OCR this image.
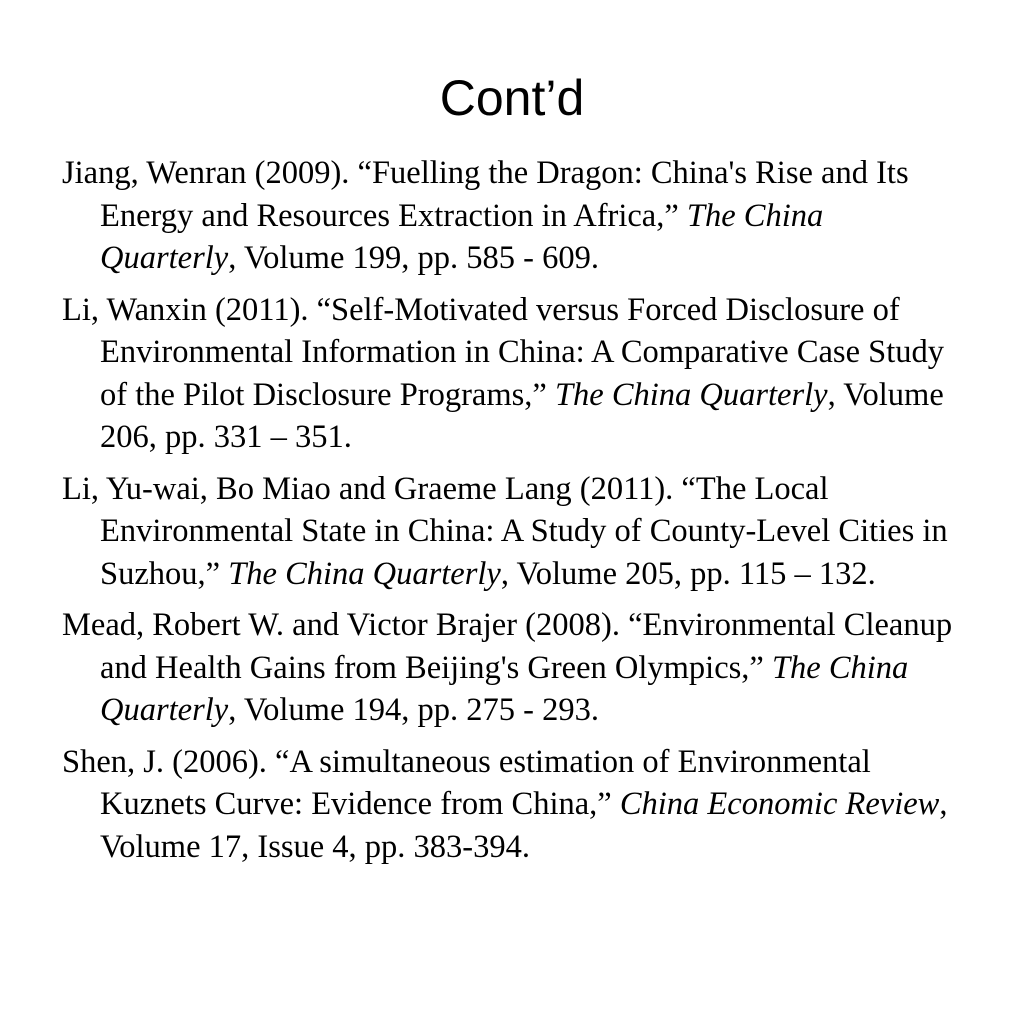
Cont’d
Jiang, Wenran (2009). “Fuelling the Dragon: China's Rise and Its Energy and Resources Extraction in Africa,” The China Quarterly, Volume 199, pp. 585 - 609.
Li, Wanxin (2011). “Self-Motivated versus Forced Disclosure of Environmental Information in China: A Comparative Case Study of the Pilot Disclosure Programs,” The China Quarterly, Volume 206, pp. 331 – 351.
Li, Yu-wai, Bo Miao and Graeme Lang (2011). “The Local Environmental State in China: A Study of County-Level Cities in Suzhou,” The China Quarterly, Volume 205, pp. 115 – 132.
Mead, Robert W. and Victor Brajer (2008). “Environmental Cleanup and Health Gains from Beijing's Green Olympics,” The China Quarterly, Volume 194, pp. 275 - 293.
Shen, J. (2006). “A simultaneous estimation of Environmental Kuznets Curve: Evidence from China,” China Economic Review, Volume 17, Issue 4, pp. 383-394.
